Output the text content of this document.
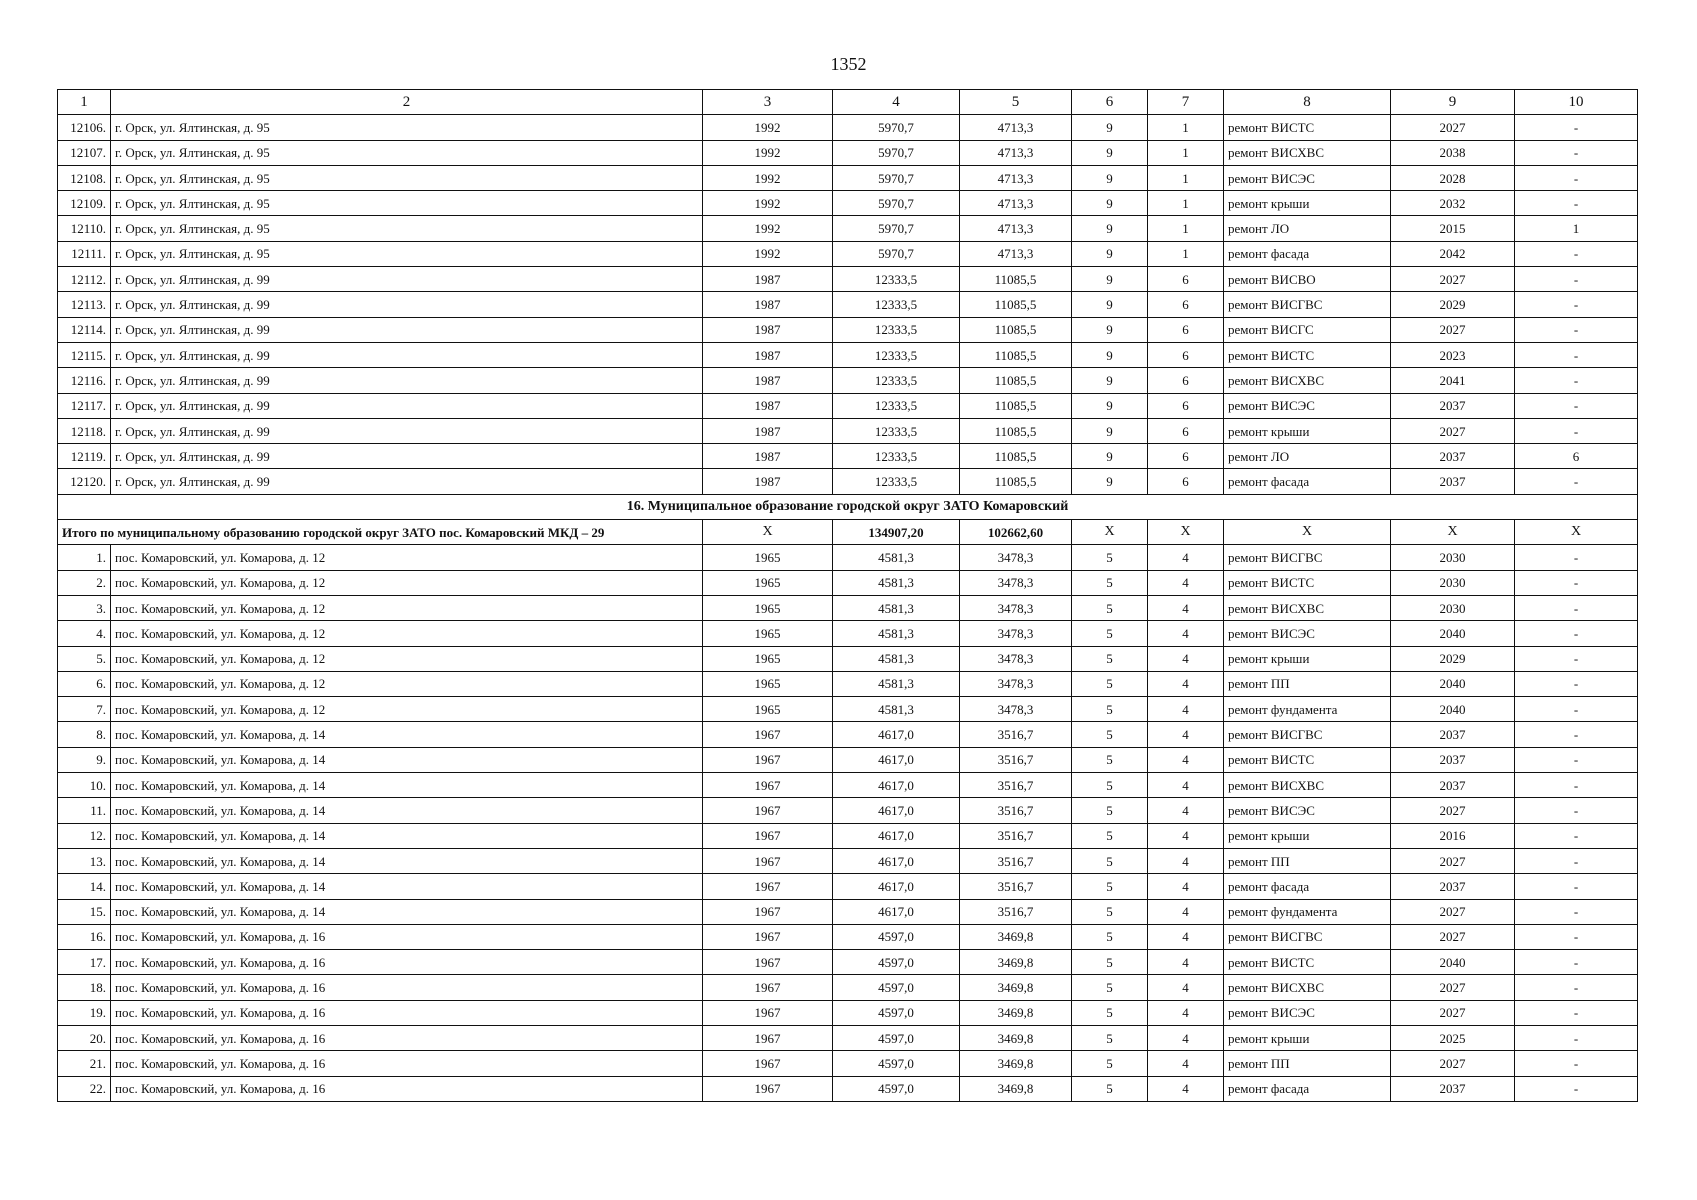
1352
1	2	3	4	5	6	7	8	9	10
12106.	г. Орск, ул. Ялтинская, д. 95	1992	5970,7	4713,3	9	1	ремонт ВИСТС	2027	-
12107.	г. Орск, ул. Ялтинская, д. 95	1992	5970,7	4713,3	9	1	ремонт ВИСХВС	2038	-
12108.	г. Орск, ул. Ялтинская, д. 95	1992	5970,7	4713,3	9	1	ремонт ВИСЭС	2028	-
12109.	г. Орск, ул. Ялтинская, д. 95	1992	5970,7	4713,3	9	1	ремонт крыши	2032	-
12110.	г. Орск, ул. Ялтинская, д. 95	1992	5970,7	4713,3	9	1	ремонт ЛО	2015	1
12111.	г. Орск, ул. Ялтинская, д. 95	1992	5970,7	4713,3	9	1	ремонт фасада	2042	-
12112.	г. Орск, ул. Ялтинская, д. 99	1987	12333,5	11085,5	9	6	ремонт ВИСВО	2027	-
12113.	г. Орск, ул. Ялтинская, д. 99	1987	12333,5	11085,5	9	6	ремонт ВИСГВС	2029	-
12114.	г. Орск, ул. Ялтинская, д. 99	1987	12333,5	11085,5	9	6	ремонт ВИСГС	2027	-
12115.	г. Орск, ул. Ялтинская, д. 99	1987	12333,5	11085,5	9	6	ремонт ВИСТС	2023	-
12116.	г. Орск, ул. Ялтинская, д. 99	1987	12333,5	11085,5	9	6	ремонт ВИСХВС	2041	-
12117.	г. Орск, ул. Ялтинская, д. 99	1987	12333,5	11085,5	9	6	ремонт ВИСЭС	2037	-
12118.	г. Орск, ул. Ялтинская, д. 99	1987	12333,5	11085,5	9	6	ремонт крыши	2027	-
12119.	г. Орск, ул. Ялтинская, д. 99	1987	12333,5	11085,5	9	6	ремонт ЛО	2037	6
12120.	г. Орск, ул. Ялтинская, д. 99	1987	12333,5	11085,5	9	6	ремонт фасада	2037	-
16. Муниципальное образование городской округ ЗАТО Комаровский									
Итого по муниципальному образованию городской округ ЗАТО пос. Комаровский МКД – 29		Х	134907,20	102662,60	Х	Х	Х	Х	Х
1.	пос. Комаровский, ул. Комарова, д. 12	1965	4581,3	3478,3	5	4	ремонт ВИСГВС	2030	-
2.	пос. Комаровский, ул. Комарова, д. 12	1965	4581,3	3478,3	5	4	ремонт ВИСТС	2030	-
3.	пос. Комаровский, ул. Комарова, д. 12	1965	4581,3	3478,3	5	4	ремонт ВИСХВС	2030	-
4.	пос. Комаровский, ул. Комарова, д. 12	1965	4581,3	3478,3	5	4	ремонт ВИСЭС	2040	-
5.	пос. Комаровский, ул. Комарова, д. 12	1965	4581,3	3478,3	5	4	ремонт крыши	2029	-
6.	пос. Комаровский, ул. Комарова, д. 12	1965	4581,3	3478,3	5	4	ремонт ПП	2040	-
7.	пос. Комаровский, ул. Комарова, д. 12	1965	4581,3	3478,3	5	4	ремонт фундамента	2040	-
8.	пос. Комаровский, ул. Комарова, д. 14	1967	4617,0	3516,7	5	4	ремонт ВИСГВС	2037	-
9.	пос. Комаровский, ул. Комарова, д. 14	1967	4617,0	3516,7	5	4	ремонт ВИСТС	2037	-
10.	пос. Комаровский, ул. Комарова, д. 14	1967	4617,0	3516,7	5	4	ремонт ВИСХВС	2037	-
11.	пос. Комаровский, ул. Комарова, д. 14	1967	4617,0	3516,7	5	4	ремонт ВИСЭС	2027	-
12.	пос. Комаровский, ул. Комарова, д. 14	1967	4617,0	3516,7	5	4	ремонт крыши	2016	-
13.	пос. Комаровский, ул. Комарова, д. 14	1967	4617,0	3516,7	5	4	ремонт ПП	2027	-
14.	пос. Комаровский, ул. Комарова, д. 14	1967	4617,0	3516,7	5	4	ремонт фасада	2037	-
15.	пос. Комаровский, ул. Комарова, д. 14	1967	4617,0	3516,7	5	4	ремонт фундамента	2027	-
16.	пос. Комаровский, ул. Комарова, д. 16	1967	4597,0	3469,8	5	4	ремонт ВИСГВС	2027	-
17.	пос. Комаровский, ул. Комарова, д. 16	1967	4597,0	3469,8	5	4	ремонт ВИСТС	2040	-
18.	пос. Комаровский, ул. Комарова, д. 16	1967	4597,0	3469,8	5	4	ремонт ВИСХВС	2027	-
19.	пос. Комаровский, ул. Комарова, д. 16	1967	4597,0	3469,8	5	4	ремонт ВИСЭС	2027	-
20.	пос. Комаровский, ул. Комарова, д. 16	1967	4597,0	3469,8	5	4	ремонт крыши	2025	-
21.	пос. Комаровский, ул. Комарова, д. 16	1967	4597,0	3469,8	5	4	ремонт ПП	2027	-
22.	пос. Комаровский, ул. Комарова, д. 16	1967	4597,0	3469,8	5	4	ремонт фасада	2037	-
